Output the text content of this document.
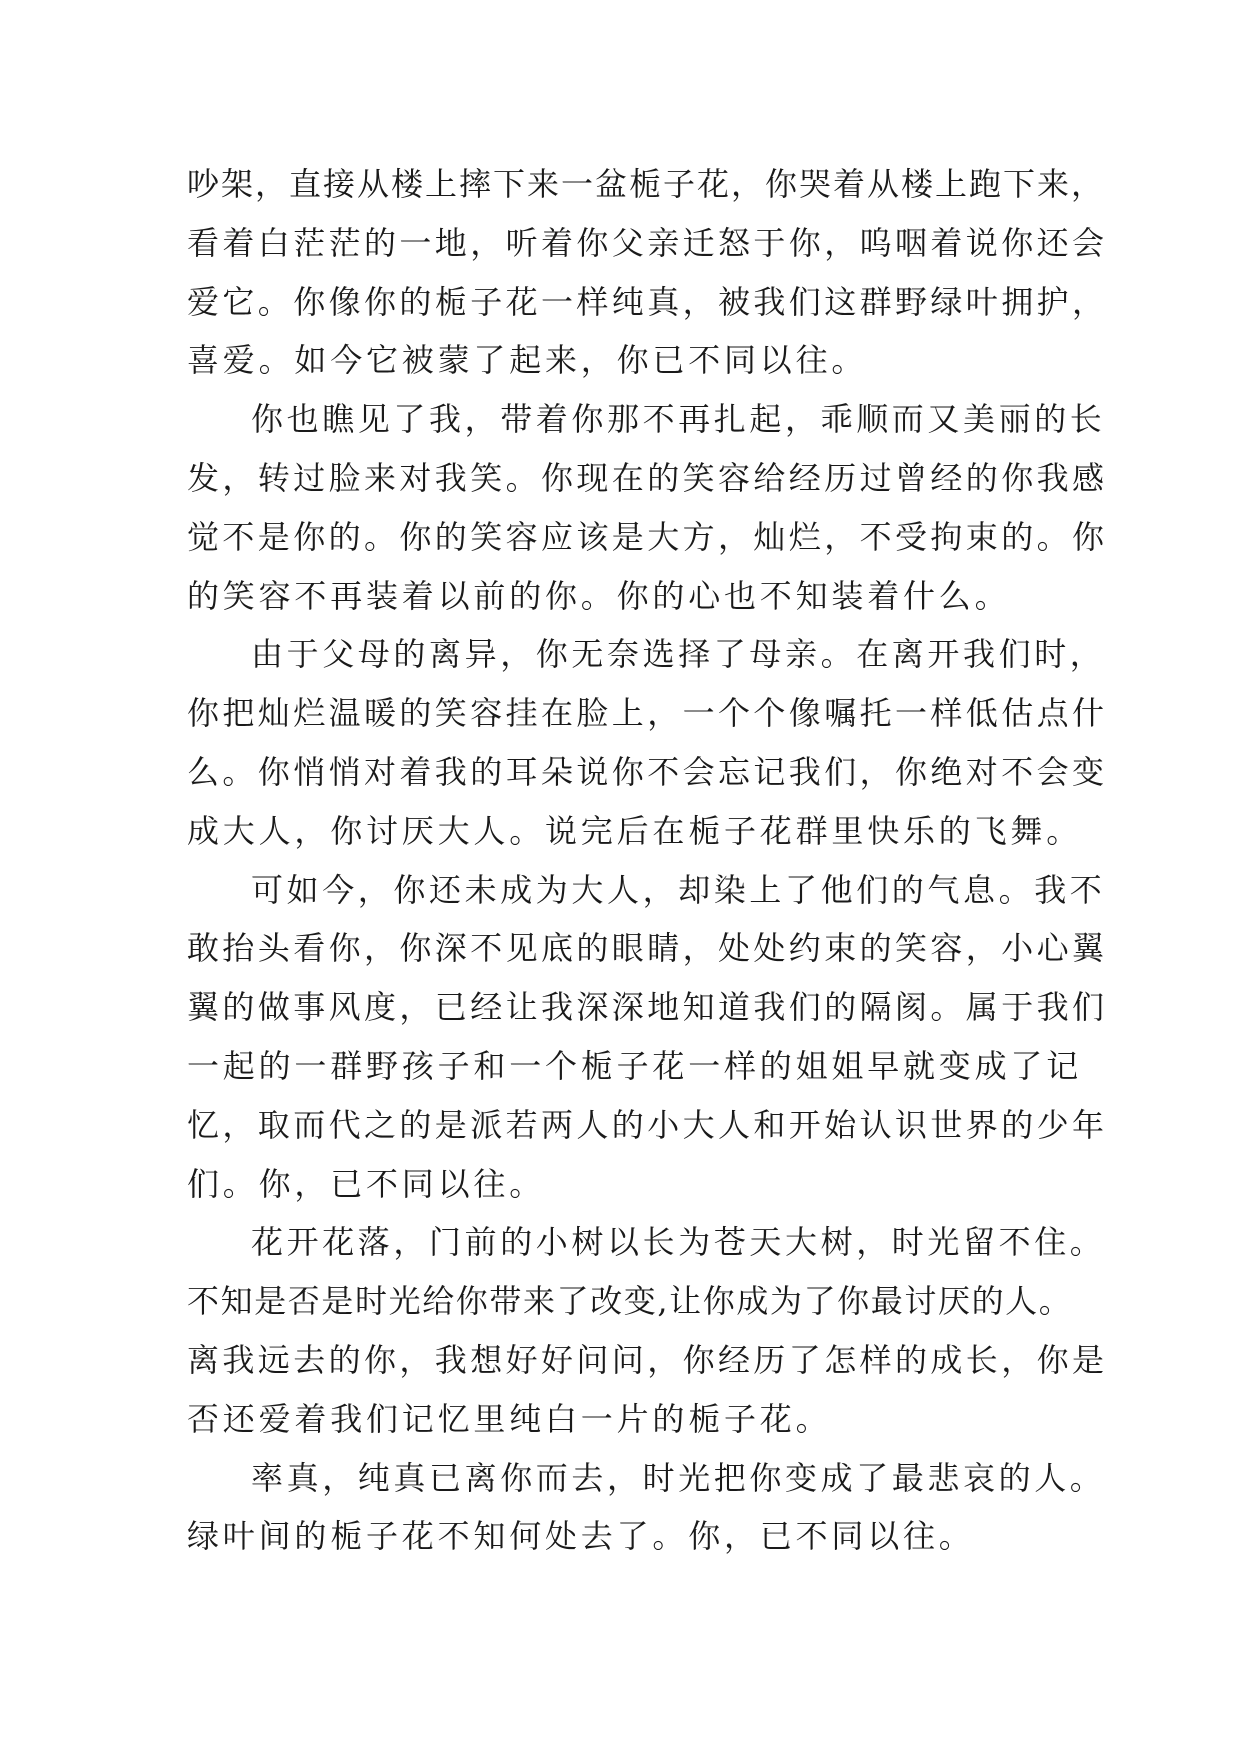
吵架，直接从楼上摔下来一盆栀子花，你哭着从楼上跑下来，
看着白茫茫的一地，听着你父亲迁怒于你，呜咽着说你还会
爱它。你像你的栀子花一样纯真，被我们这群野绿叶拥护，
喜爱。如今它被蒙了起来，你已不同以往。
你也瞧见了我，带着你那不再扎起，乖顺而又美丽的长
发，转过脸来对我笑。你现在的笑容给经历过曾经的你我感
觉不是你的。你的笑容应该是大方，灿烂，不受拘束的。你
的笑容不再装着以前的你。你的心也不知装着什么。
由于父母的离异，你无奈选择了母亲。在离开我们时，
你把灿烂温暖的笑容挂在脸上，一个个像嘱托一样低估点什
么。你悄悄对着我的耳朵说你不会忘记我们，你绝对不会变
成大人，你讨厌大人。说完后在栀子花群里快乐的飞舞。
可如今，你还未成为大人，却染上了他们的气息。我不
敢抬头看你，你深不见底的眼睛，处处约束的笑容，小心翼
翼的做事风度，已经让我深深地知道我们的隔阂。属于我们
一起的一群野孩子和一个栀子花一样的姐姐早就变成了记
忆，取而代之的是派若两人的小大人和开始认识世界的少年
们。你，已不同以往。
花开花落，门前的小树以长为苍天大树，时光留不住。
不知是否是时光给你带来了改变,让你成为了你最讨厌的人。
离我远去的你，我想好好问问，你经历了怎样的成长，你是
否还爱着我们记忆里纯白一片的栀子花。
率真，纯真已离你而去，时光把你变成了最悲哀的人。
绿叶间的栀子花不知何处去了。你，已不同以往。
